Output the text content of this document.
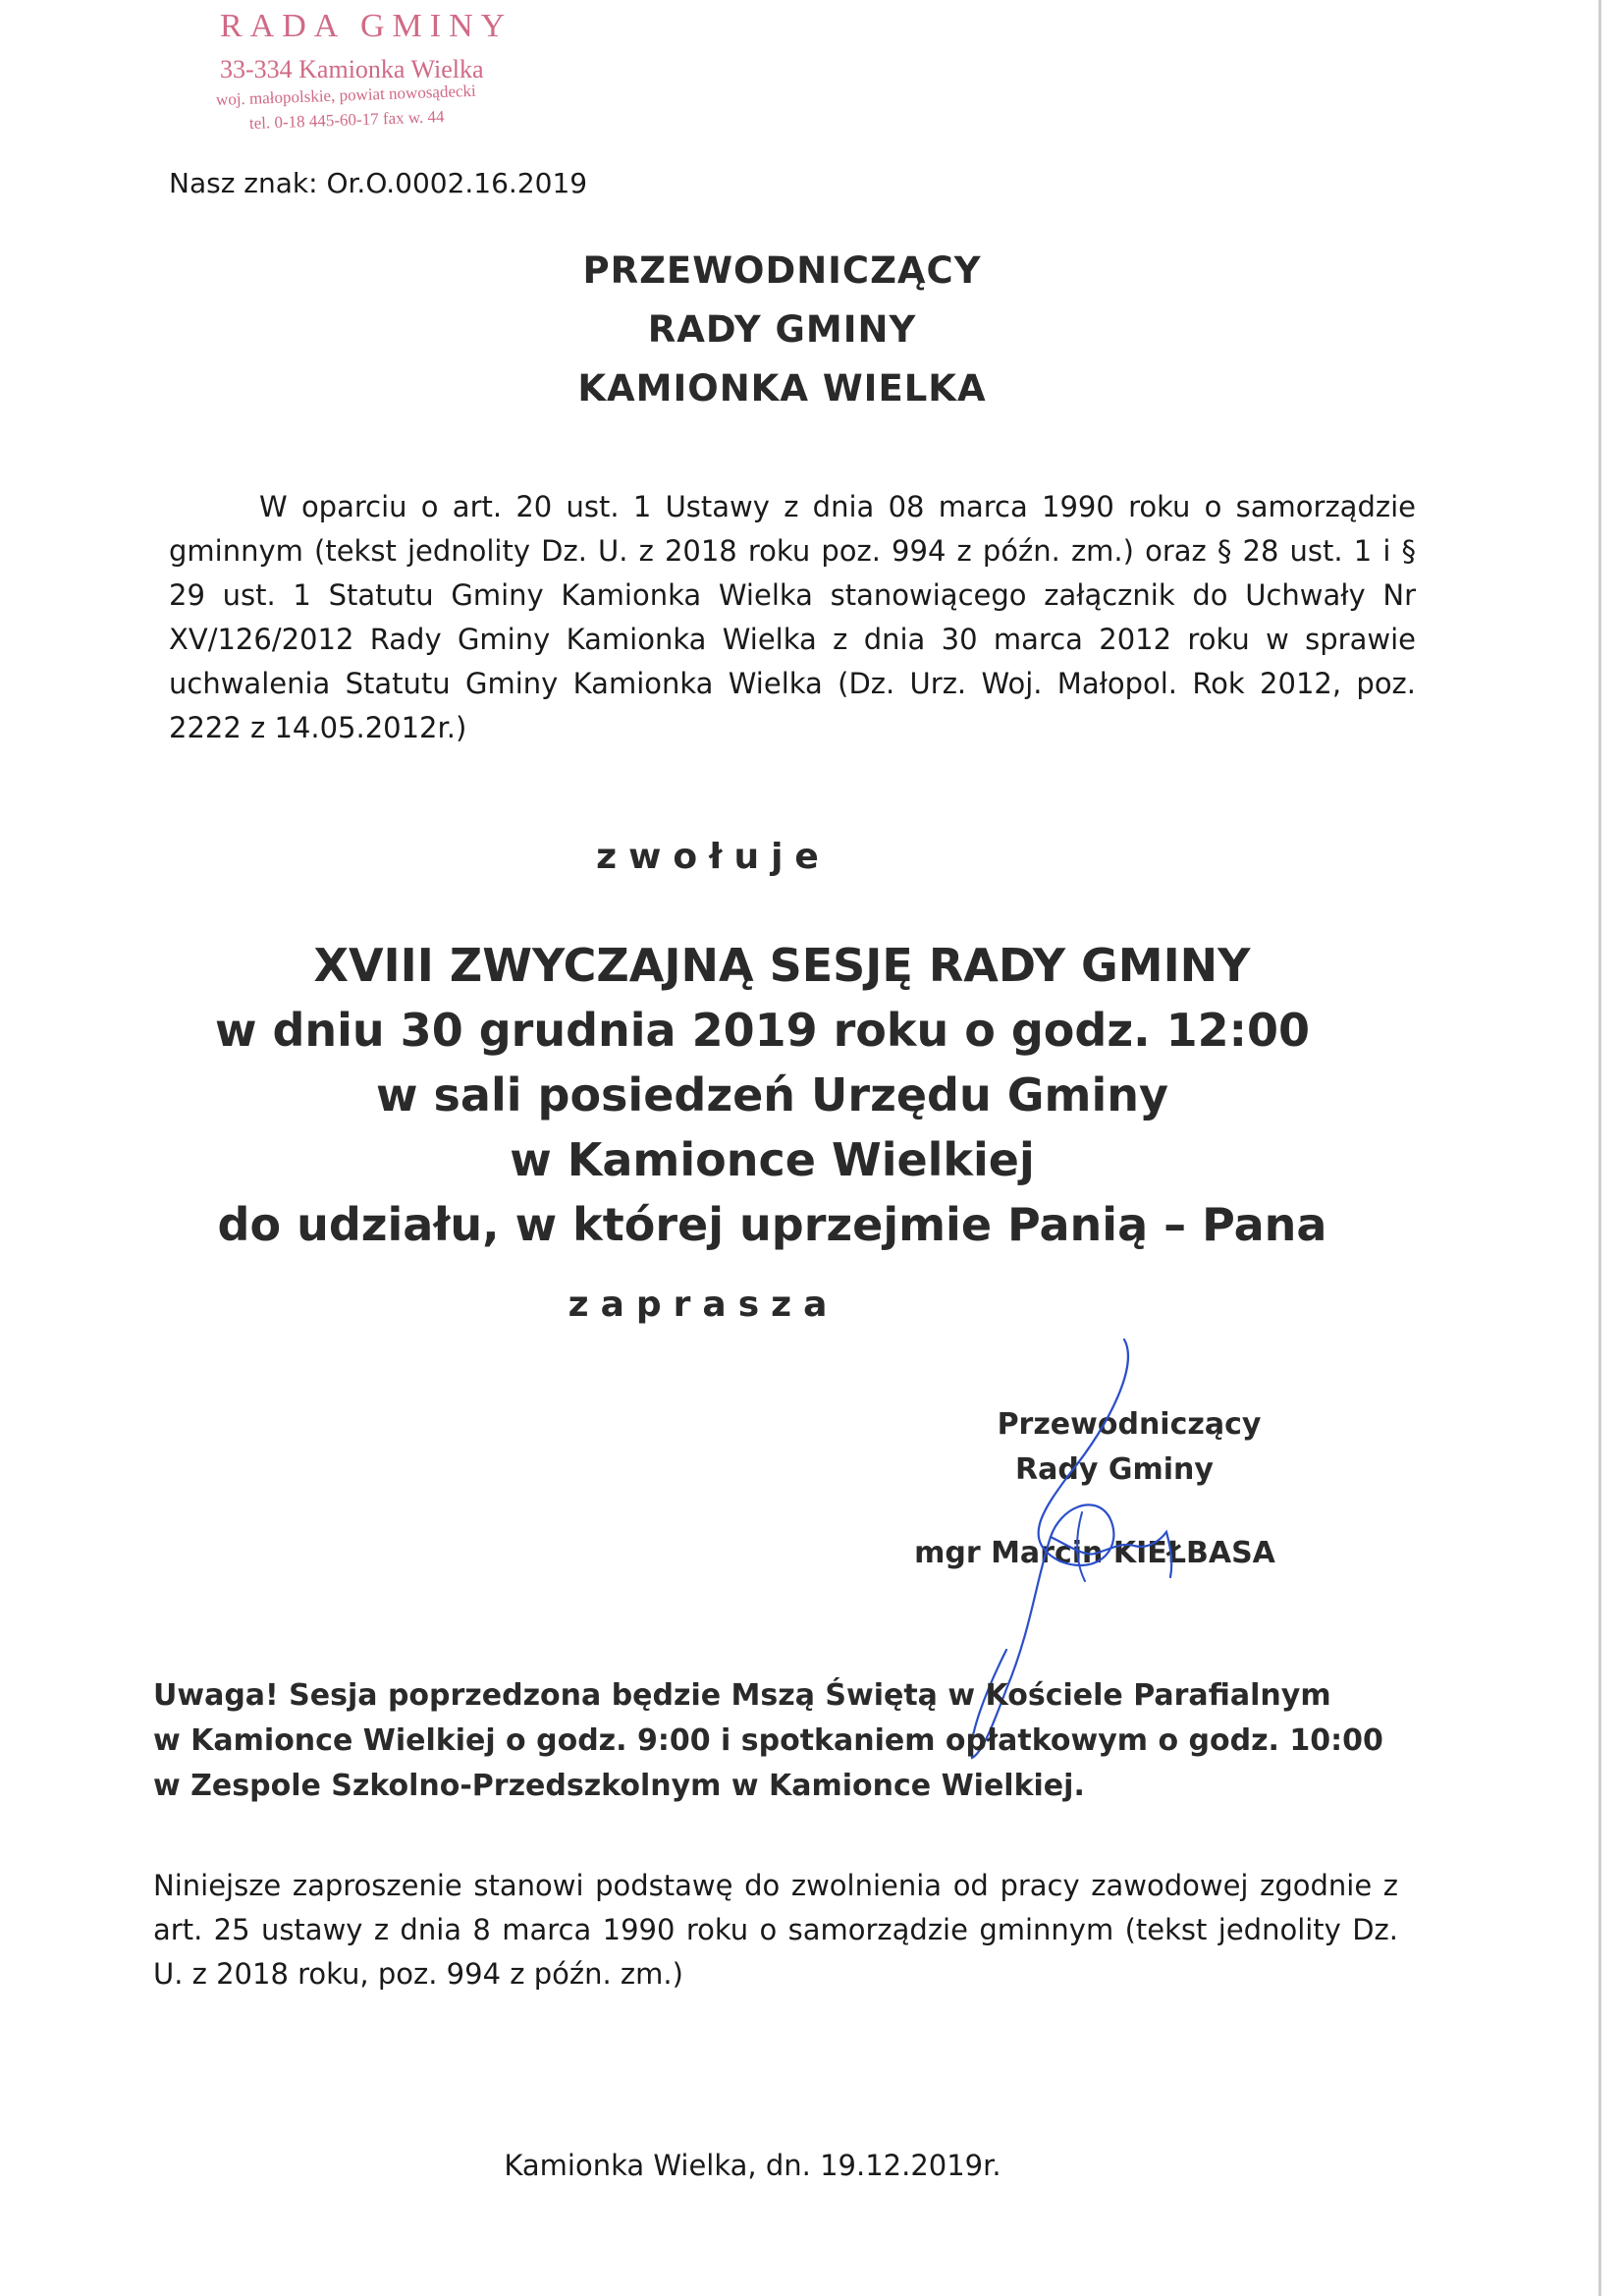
RADA GMINY
33-334 Kamionka Wielka
woj. małopolskie, powiat nowosądecki
tel. 0-18 445-60-17 fax w. 44
Nasz znak: Or.O.0002.16.2019
PRZEWODNICZĄCY
RADY GMINY
KAMIONKA WIELKA
W oparciu o art. 20 ust. 1 Ustawy z dnia 08 marca 1990 roku o samorządzie gminnym (tekst jednolity Dz. U. z 2018 roku poz. 994 z późn. zm.) oraz § 28 ust. 1 i § 29 ust. 1 Statutu Gminy Kamionka Wielka stanowiącego załącznik do Uchwały Nr XV/126/2012 Rady Gminy Kamionka Wielka z dnia 30 marca 2012 roku w sprawie uchwalenia Statutu Gminy Kamionka Wielka (Dz. Urz. Woj. Małopol. Rok 2012, poz. 2222 z 14.05.2012r.)
zwołuje
XVIII ZWYCZAJNĄ SESJĘ RADY GMINY
w dniu 30 grudnia 2019 roku o godz. 12:00
w sali posiedzeń Urzędu Gminy
w Kamionce Wielkiej
do udziału, w której uprzejmie Panią – Pana
zaprasza
Przewodniczący
Rady Gminy
mgr Marcin KIEŁBASA
Uwaga! Sesja poprzedzona będzie Mszą Świętą w Kościele Parafialnym
w Kamionce Wielkiej o godz. 9:00 i spotkaniem opłatkowym o godz. 10:00
w Zespole Szkolno-Przedszkolnym w Kamionce Wielkiej.
Niniejsze zaproszenie stanowi podstawę do zwolnienia od pracy zawodowej zgodnie z art. 25 ustawy z dnia 8 marca 1990 roku o samorządzie gminnym (tekst jednolity Dz. U. z 2018 roku, poz. 994 z późn. zm.)
Kamionka Wielka, dn. 19.12.2019r.
